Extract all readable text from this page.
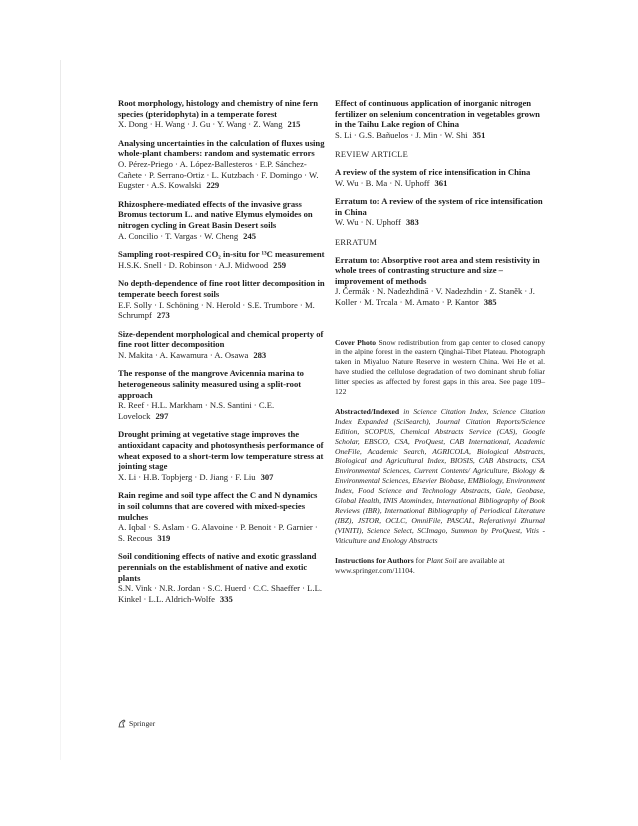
Root morphology, histology and chemistry of nine fern species (pteridophyta) in a temperate forest
X. Dong · H. Wang · J. Gu · Y. Wang · Z. Wang 215
Analysing uncertainties in the calculation of fluxes using whole-plant chambers: random and systematic errors
O. Pérez-Priego · A. López-Ballesteros · E.P. Sánchez-Cañete · P. Serrano-Ortiz · L. Kutzbach · F. Domingo · W. Eugster · A.S. Kowalski 229
Rhizosphere-mediated effects of the invasive grass Bromus tectorum L. and native Elymus elymoides on nitrogen cycling in Great Basin Desert soils
A. Concilio · T. Vargas · W. Cheng 245
Sampling root-respired CO₂ in-situ for ¹³C measurement
H.S.K. Snell · D. Robinson · A.J. Midwood 259
No depth-dependence of fine root litter decomposition in temperate beech forest soils
E.F. Solly · I. Schöning · N. Herold · S.E. Trumbore · M. Schrumpf 273
Size-dependent morphological and chemical property of fine root litter decomposition
N. Makita · A. Kawamura · A. Osawa 283
The response of the mangrove Avicennia marina to heterogeneous salinity measured using a split-root approach
R. Reef · H.L. Markham · N.S. Santini · C.E. Lovelock 297
Drought priming at vegetative stage improves the antioxidant capacity and photosynthesis performance of wheat exposed to a short-term low temperature stress at jointing stage
X. Li · H.B. Topbjerg · D. Jiang · F. Liu 307
Rain regime and soil type affect the C and N dynamics in soil columns that are covered with mixed-species mulches
A. Iqbal · S. Aslam · G. Alavoine · P. Benoit · P. Garnier · S. Recous 319
Soil conditioning effects of native and exotic grassland perennials on the establishment of native and exotic plants
S.N. Vink · N.R. Jordan · S.C. Huerd · C.C. Shaeffer · L.L. Kinkel · L.L. Aldrich-Wolfe 335
Effect of continuous application of inorganic nitrogen fertilizer on selenium concentration in vegetables grown in the Taihu Lake region of China
S. Li · G.S. Bañuelos · J. Min · W. Shi 351
REVIEW ARTICLE
A review of the system of rice intensification in China
W. Wu · B. Ma · N. Uphoff 361
Erratum to: A review of the system of rice intensification in China
W. Wu · N. Uphoff 383
ERRATUM
Erratum to: Absorptive root area and stem resistivity in whole trees of contrasting structure and size – improvement of methods
J. Čermák · N. Nadezhdinā · V. Nadezhdin · Z. Staněk · J. Koller · M. Trcala · M. Amato · P. Kantor 385
Cover Photo Snow redistribution from gap center to closed canopy in the alpine forest in the eastern Qinghai-Tibet Plateau. Photograph taken in Miyaluo Nature Reserve in western China. Wei He et al. have studied the cellulose degradation of two dominant shrub foliar litter species as affected by forest gaps in this area. See page 109–122
Abstracted/Indexed in Science Citation Index, Science Citation Index Expanded (SciSearch), Journal Citation Reports/Science Edition, SCOPUS, Chemical Abstracts Service (CAS), Google Scholar, EBSCO, CSA, ProQuest, CAB International, Academic OneFile, Academic Search, AGRICOLA, Biological Abstracts, Biological and Agricultural Index, BIOSIS, CAB Abstracts, CSA Environmental Sciences, Current Contents/ Agriculture, Biology & Environmental Sciences, Elsevier Biobase, EMBiology, Environment Index, Food Science and Technology Abstracts, Gale, Geobase, Global Health, INIS Atomindex, International Bibliography of Book Reviews (IBR), International Bibliography of Periodical Literature (IBZ), JSTOR, OCLC, OmniFile, PASCAL, Referativnyi Zhurnal (VINITI), Science Select, SCImago, Summon by ProQuest, Vitis - Viticulture and Enology Abstracts
Instructions for Authors for Plant Soil are available at www.springer.com/11104.
Springer
